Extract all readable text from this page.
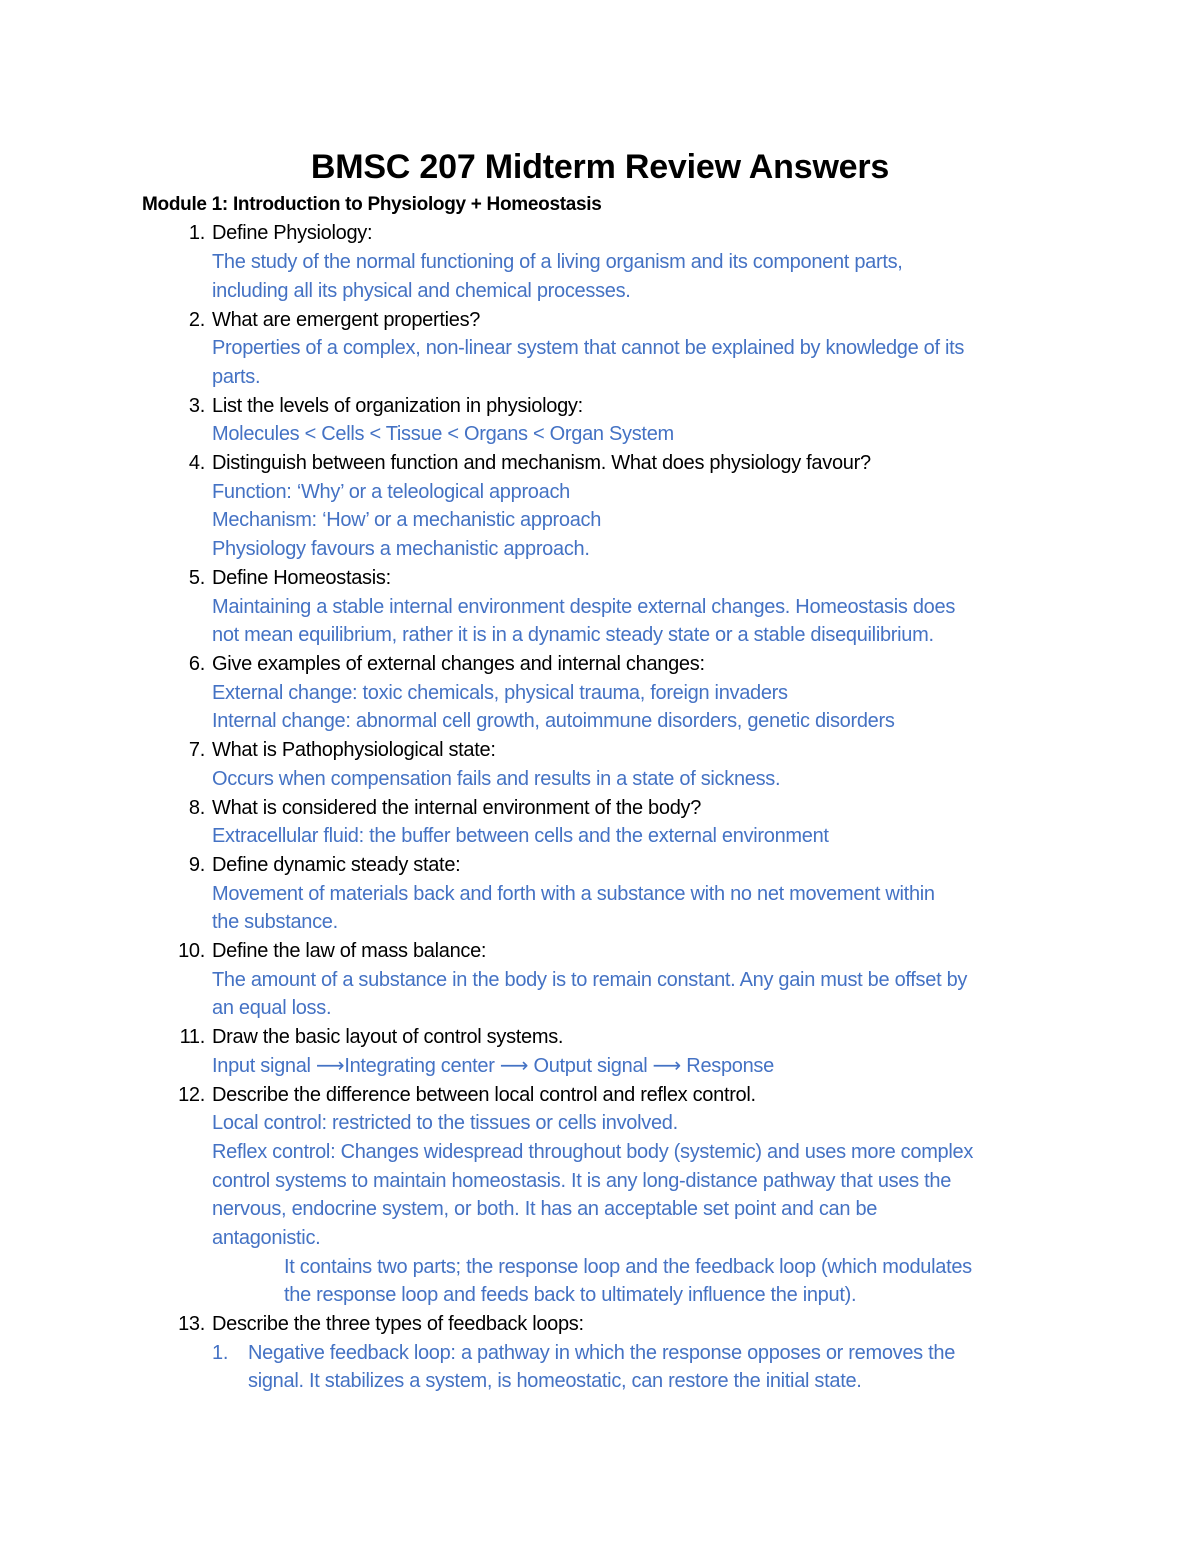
BMSC 207 Midterm Review Answers
Module 1: Introduction to Physiology + Homeostasis
1. Define Physiology:
The study of the normal functioning of a living organism and its component parts,
including all its physical and chemical processes.
2. What are emergent properties?
Properties of a complex, non-linear system that cannot be explained by knowledge of its
parts.
3. List the levels of organization in physiology:
Molecules < Cells < Tissue < Organs < Organ System
4. Distinguish between function and mechanism. What does physiology favour?
Function: ‘Why’ or a teleological approach
Mechanism: ‘How’ or a mechanistic approach
Physiology favours a mechanistic approach.
5. Define Homeostasis:
Maintaining a stable internal environment despite external changes. Homeostasis does
not mean equilibrium, rather it is in a dynamic steady state or a stable disequilibrium.
6. Give examples of external changes and internal changes:
External change: toxic chemicals, physical trauma, foreign invaders
Internal change: abnormal cell growth, autoimmune disorders, genetic disorders
7. What is Pathophysiological state:
Occurs when compensation fails and results in a state of sickness.
8. What is considered the internal environment of the body?
Extracellular fluid: the buffer between cells and the external environment
9. Define dynamic steady state:
Movement of materials back and forth with a substance with no net movement within
the substance.
10. Define the law of mass balance:
The amount of a substance in the body is to remain constant. Any gain must be offset by
an equal loss.
11. Draw the basic layout of control systems.
Input signal ⟶Integrating center ⟶ Output signal ⟶ Response
12. Describe the difference between local control and reflex control.
Local control: restricted to the tissues or cells involved.
Reflex control: Changes widespread throughout body (systemic) and uses more complex
control systems to maintain homeostasis. It is any long-distance pathway that uses the
nervous, endocrine system, or both. It has an acceptable set point and can be
antagonistic.
It contains two parts; the response loop and the feedback loop (which modulates
the response loop and feeds back to ultimately influence the input).
13. Describe the three types of feedback loops:
1. Negative feedback loop: a pathway in which the response opposes or removes the
signal. It stabilizes a system, is homeostatic, can restore the initial state.
